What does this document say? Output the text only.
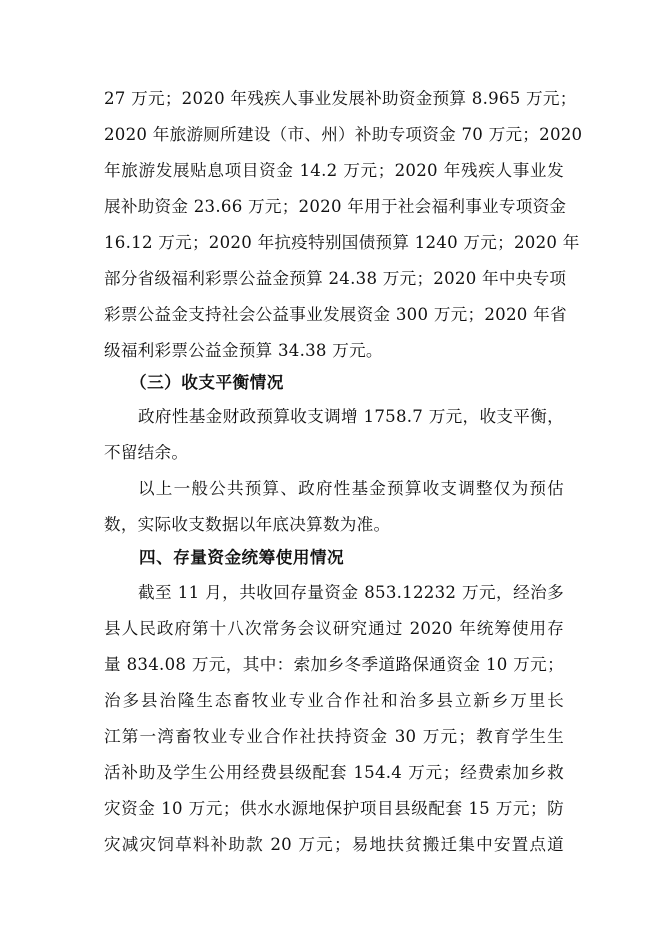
27 万元；2020 年残疾人事业发展补助资金预算 8.965 万元；
2020 年旅游厕所建设（市、州）补助专项资金 70 万元；2020
年旅游发展贴息项目资金 14.2 万元；2020 年残疾人事业发
展补助资金 23.66 万元；2020 年用于社会福利事业专项资金
16.12 万元；2020 年抗疫特别国债预算 1240 万元；2020 年
部分省级福利彩票公益金预算 24.38 万元；2020 年中央专项
彩票公益金支持社会公益事业发展资金 300 万元；2020 年省
级福利彩票公益金预算 34.38 万元。
（三）收支平衡情况
政府性基金财政预算收支调增 1758.7 万元，收支平衡，
不留结余。
以上一般公共预算、政府性基金预算收支调整仅为预估
数，实际收支数据以年底决算数为准。
四、存量资金统筹使用情况
截至 11 月，共收回存量资金 853.12232 万元，经治多
县人民政府第十八次常务会议研究通过 2020 年统筹使用存
量 834.08 万元，其中：索加乡冬季道路保通资金 10 万元；
治多县治隆生态畜牧业专业合作社和治多县立新乡万里长
江第一湾畜牧业专业合作社扶持资金 30 万元；教育学生生
活补助及学生公用经费县级配套 154.4 万元；经费索加乡救
灾资金 10 万元；供水水源地保护项目县级配套 15 万元；防
灾减灾饲草料补助款 20 万元；易地扶贫搬迁集中安置点道
